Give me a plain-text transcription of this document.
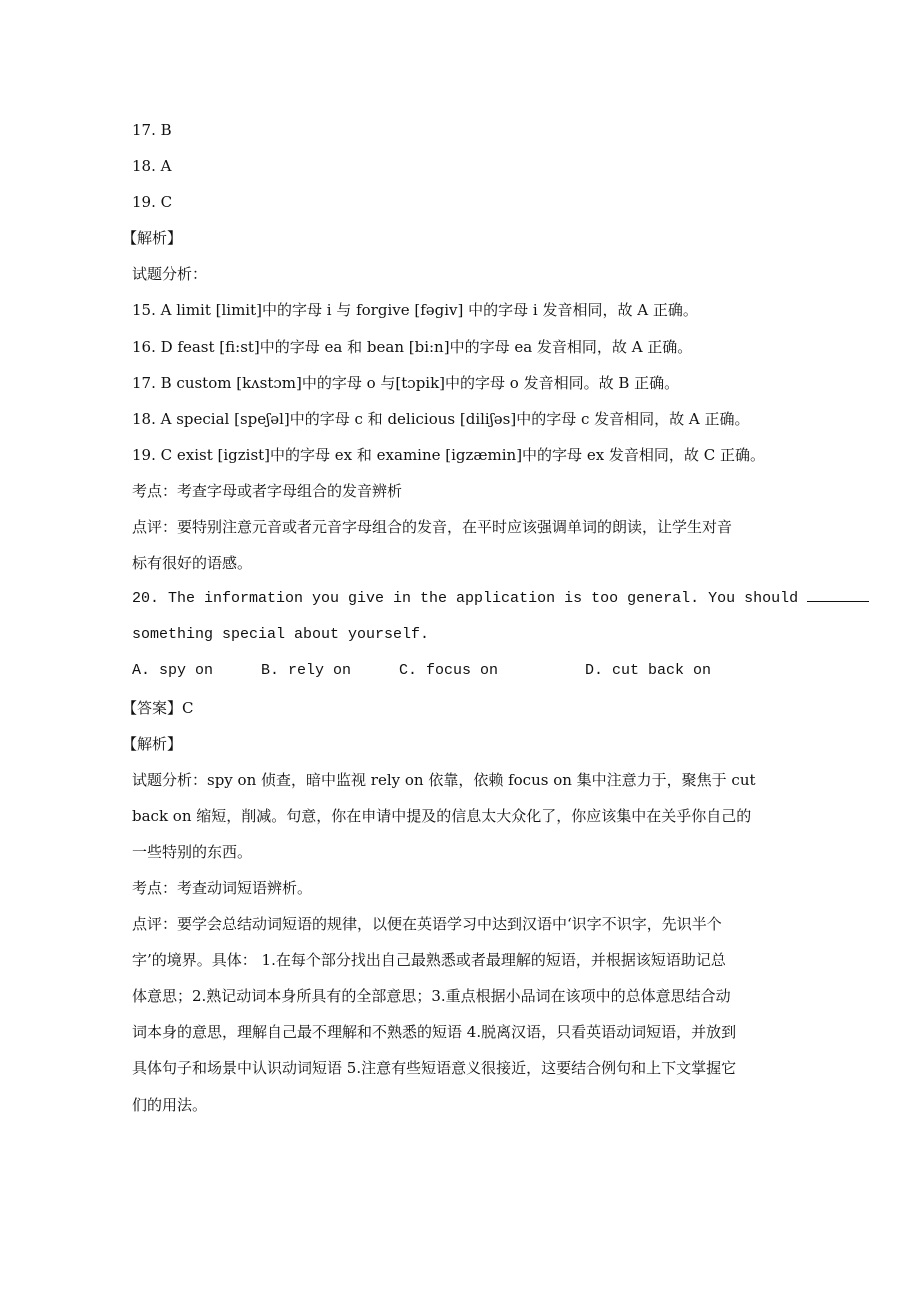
17. B
18. A
19. C
【解析】
试题分析：
15. A limit [limit]中的字母 i 与 forgive [fəgiv] 中的字母 i 发音相同，故 A 正确。
16. D feast [fi:st]中的字母 ea 和 bean [bi:n]中的字母 ea 发音相同，故 A 正确。
17. B custom [kʌstɔm]中的字母 o 与[tɔpik]中的字母 o 发音相同。故 B 正确。
18. A special [speʃəl]中的字母 c 和 delicious [diliʃəs]中的字母 c 发音相同，故 A 正确。
19. C exist [igzist]中的字母 ex 和 examine [igzæmin]中的字母 ex 发音相同，故 C 正确。
考点：考查字母或者字母组合的发音辨析
点评：要特别注意元音或者元音字母组合的发音，在平时应该强调单词的朗读，让学生对音
标有很好的语感。
20. The information you give in the application is too general. You should
something special about yourself.
A. spy on	B. rely on	C. focus on	D. cut back on
【答案】C
【解析】
试题分析：spy on 侦查，暗中监视 rely on 依靠，依赖 focus on 集中注意力于，聚焦于 cut
back on 缩短，削减。句意，你在申请中提及的信息太大众化了，你应该集中在关乎你自己的
一些特别的东西。
考点：考查动词短语辨析。
点评：要学会总结动词短语的规律，以便在英语学习中达到汉语中‘识字不识字，先识半个
字’的境界。具体： 1.在每个部分找出自己最熟悉或者最理解的短语，并根据该短语助记总
体意思；2.熟记动词本身所具有的全部意思；3.重点根据小品词在该项中的总体意思结合动
词本身的意思，理解自己最不理解和不熟悉的短语 4.脱离汉语，只看英语动词短语，并放到
具体句子和场景中认识动词短语 5.注意有些短语意义很接近，这要结合例句和上下文掌握它
们的用法。
